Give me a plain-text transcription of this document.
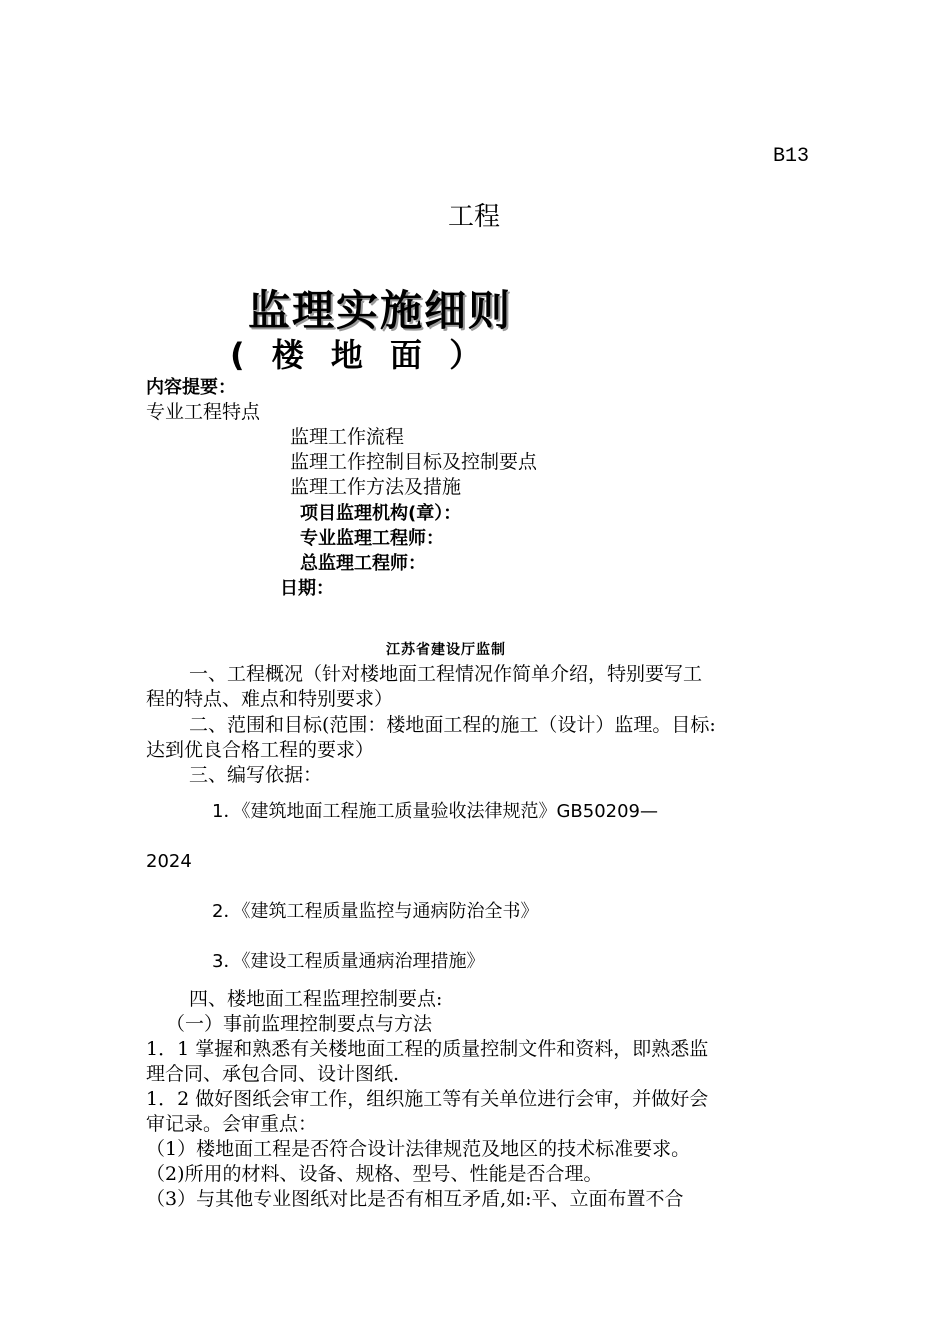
B13
工程
监理实施细则
( 楼 地 面 ）
内容提要：
专业工程特点
监理工作流程
监理工作控制目标及控制要点
监理工作方法及措施
项目监理机构(章）：
专业监理工程师：
总监理工程师：
日期：
江苏省建设厅监制
一、工程概况（针对楼地面工程情况作简单介绍，特别要写工
程的特点、难点和特别要求）
二、范围和目标(范围：楼地面工程的施工（设计）监理。目标:
达到优良合格工程的要求）
三、编写依据：
1．《建筑地面工程施工质量验收法律规范》GB50209—
2024
2．《建筑工程质量监控与通病防治全书》
3．《建设工程质量通病治理措施》
四、楼地面工程监理控制要点:
（一）事前监理控制要点与方法
1．1 掌握和熟悉有关楼地面工程的质量控制文件和资料，即熟悉监
理合同、承包合同、设计图纸.
1．2 做好图纸会审工作，组织施工等有关单位进行会审，并做好会
审记录。会审重点：
（1）楼地面工程是否符合设计法律规范及地区的技术标准要求。
（2)所用的材料、设备、规格、型号、性能是否合理。
（3）与其他专业图纸对比是否有相互矛盾,如:平、立面布置不合
